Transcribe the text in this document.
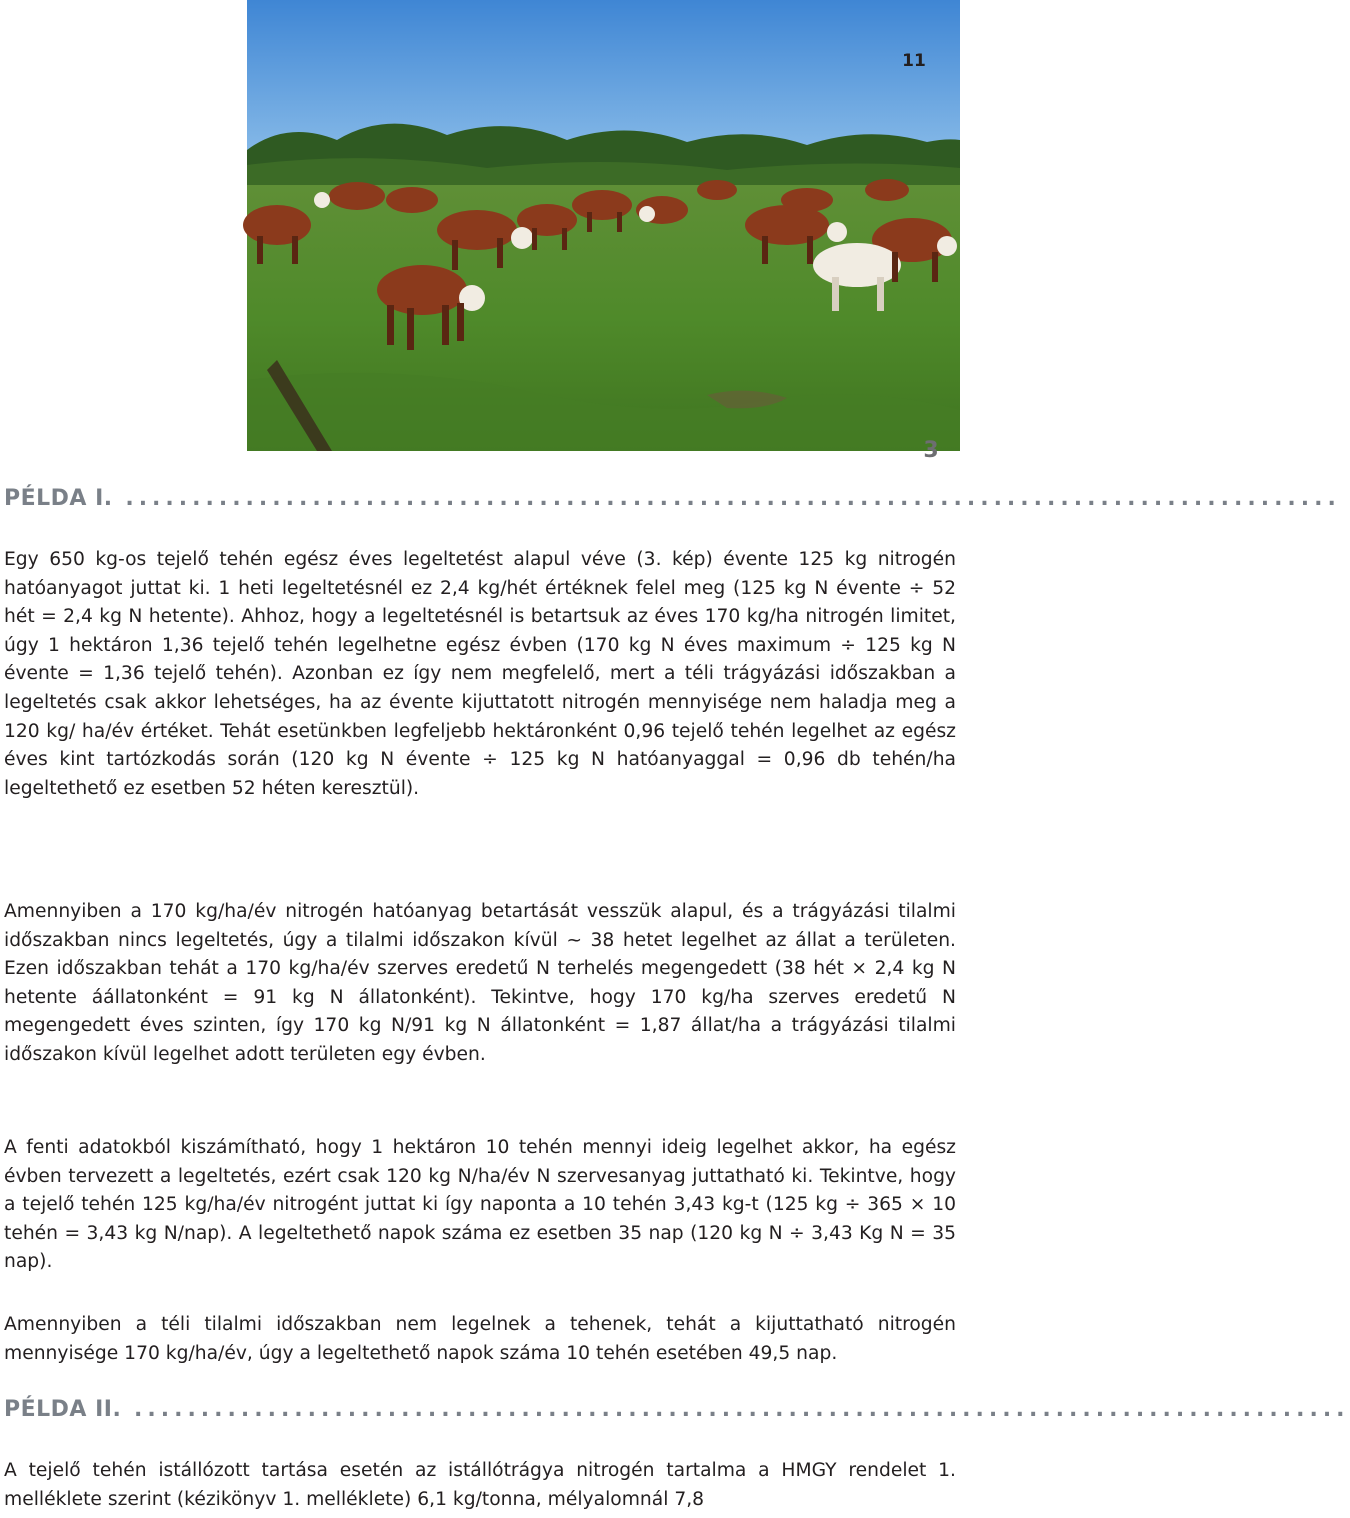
11
3
PÉLDA I. ...........................................................................................

Egy 650 kg-os tejelő tehén egész éves legeltetést alapul véve (3. kép) évente 125 kg nitrogén hatóanyagot juttat ki. 1 heti legeltetésnél ez 2,4 kg/hét értéknek felel meg (125 kg N évente ÷ 52 hét = 2,4 kg N hetente). Ahhoz, hogy a legeltetésnél is betartsuk az éves 170 kg/ha nitrogén limitet, úgy 1 hektáron 1,36 tejelő tehén legelhetne egész évben (170 kg N éves maximum ÷ 125 kg N évente = 1,36 tejelő tehén). Azonban ez így nem megfelelő, mert a téli trágyázási időszakban a legeltetés csak akkor lehetséges, ha az évente kijuttatott nitrogén mennyisége nem haladja meg a 120 kg/ ha/év értéket. Tehát esetünkben legfeljebb hektáronként 0,96 tejelő tehén legelhet az egész éves kint tartózkodás során (120 kg N évente ÷ 125 kg N hatóanyaggal = 0,96 db tehén/ha legeltethető ez esetben 52 héten keresztül).

Amennyiben a 170 kg/ha/év nitrogén hatóanyag betartását vesszük alapul, és a trágyázási tilalmi időszakban nincs legeltetés, úgy a tilalmi időszakon kívül ~ 38 hetet legelhet az állat a területen. Ezen időszakban tehát a 170 kg/ha/év szerves eredetű N terhelés megengedett (38 hét × 2,4 kg N hetente áállatonként = 91 kg N állatonként). Tekintve, hogy 170 kg/ha szerves eredetű N megengedett éves szinten, így 170 kg N/91 kg N állatonként = 1,87 állat/ha a trágyázási tilalmi időszakon kívül legelhet adott területen egy évben.

A fenti adatokból kiszámítható, hogy 1 hektáron 10 tehén mennyi ideig legelhet akkor, ha egész évben tervezett a legeltetés, ezért csak 120 kg N/ha/év N szervesanyag juttatható ki. Tekintve, hogy a tejelő tehén 125 kg/ha/év nitrogént juttat ki így naponta a 10 tehén 3,43 kg-t (125 kg ÷ 365 × 10 tehén = 3,43 kg N/nap). A legeltethető napok száma ez esetben 35 nap (120 kg N ÷ 3,43 Kg N = 35 nap).

Amennyiben a téli tilalmi időszakban nem legelnek a tehenek, tehát a kijuttatható nitrogén mennyisége 170 kg/ha/év, úgy a legeltethető napok száma 10 tehén esetében 49,5 nap.

PÉLDA II. ...........................................................................................

A tejelő tehén istállózott tartása esetén az istállótrágya nitrogén tartalma a HMGY rendelet 1. melléklete szerint (kézikönyv 1. melléklete) 6,1 kg/tonna, mélyalomnál 7,8
